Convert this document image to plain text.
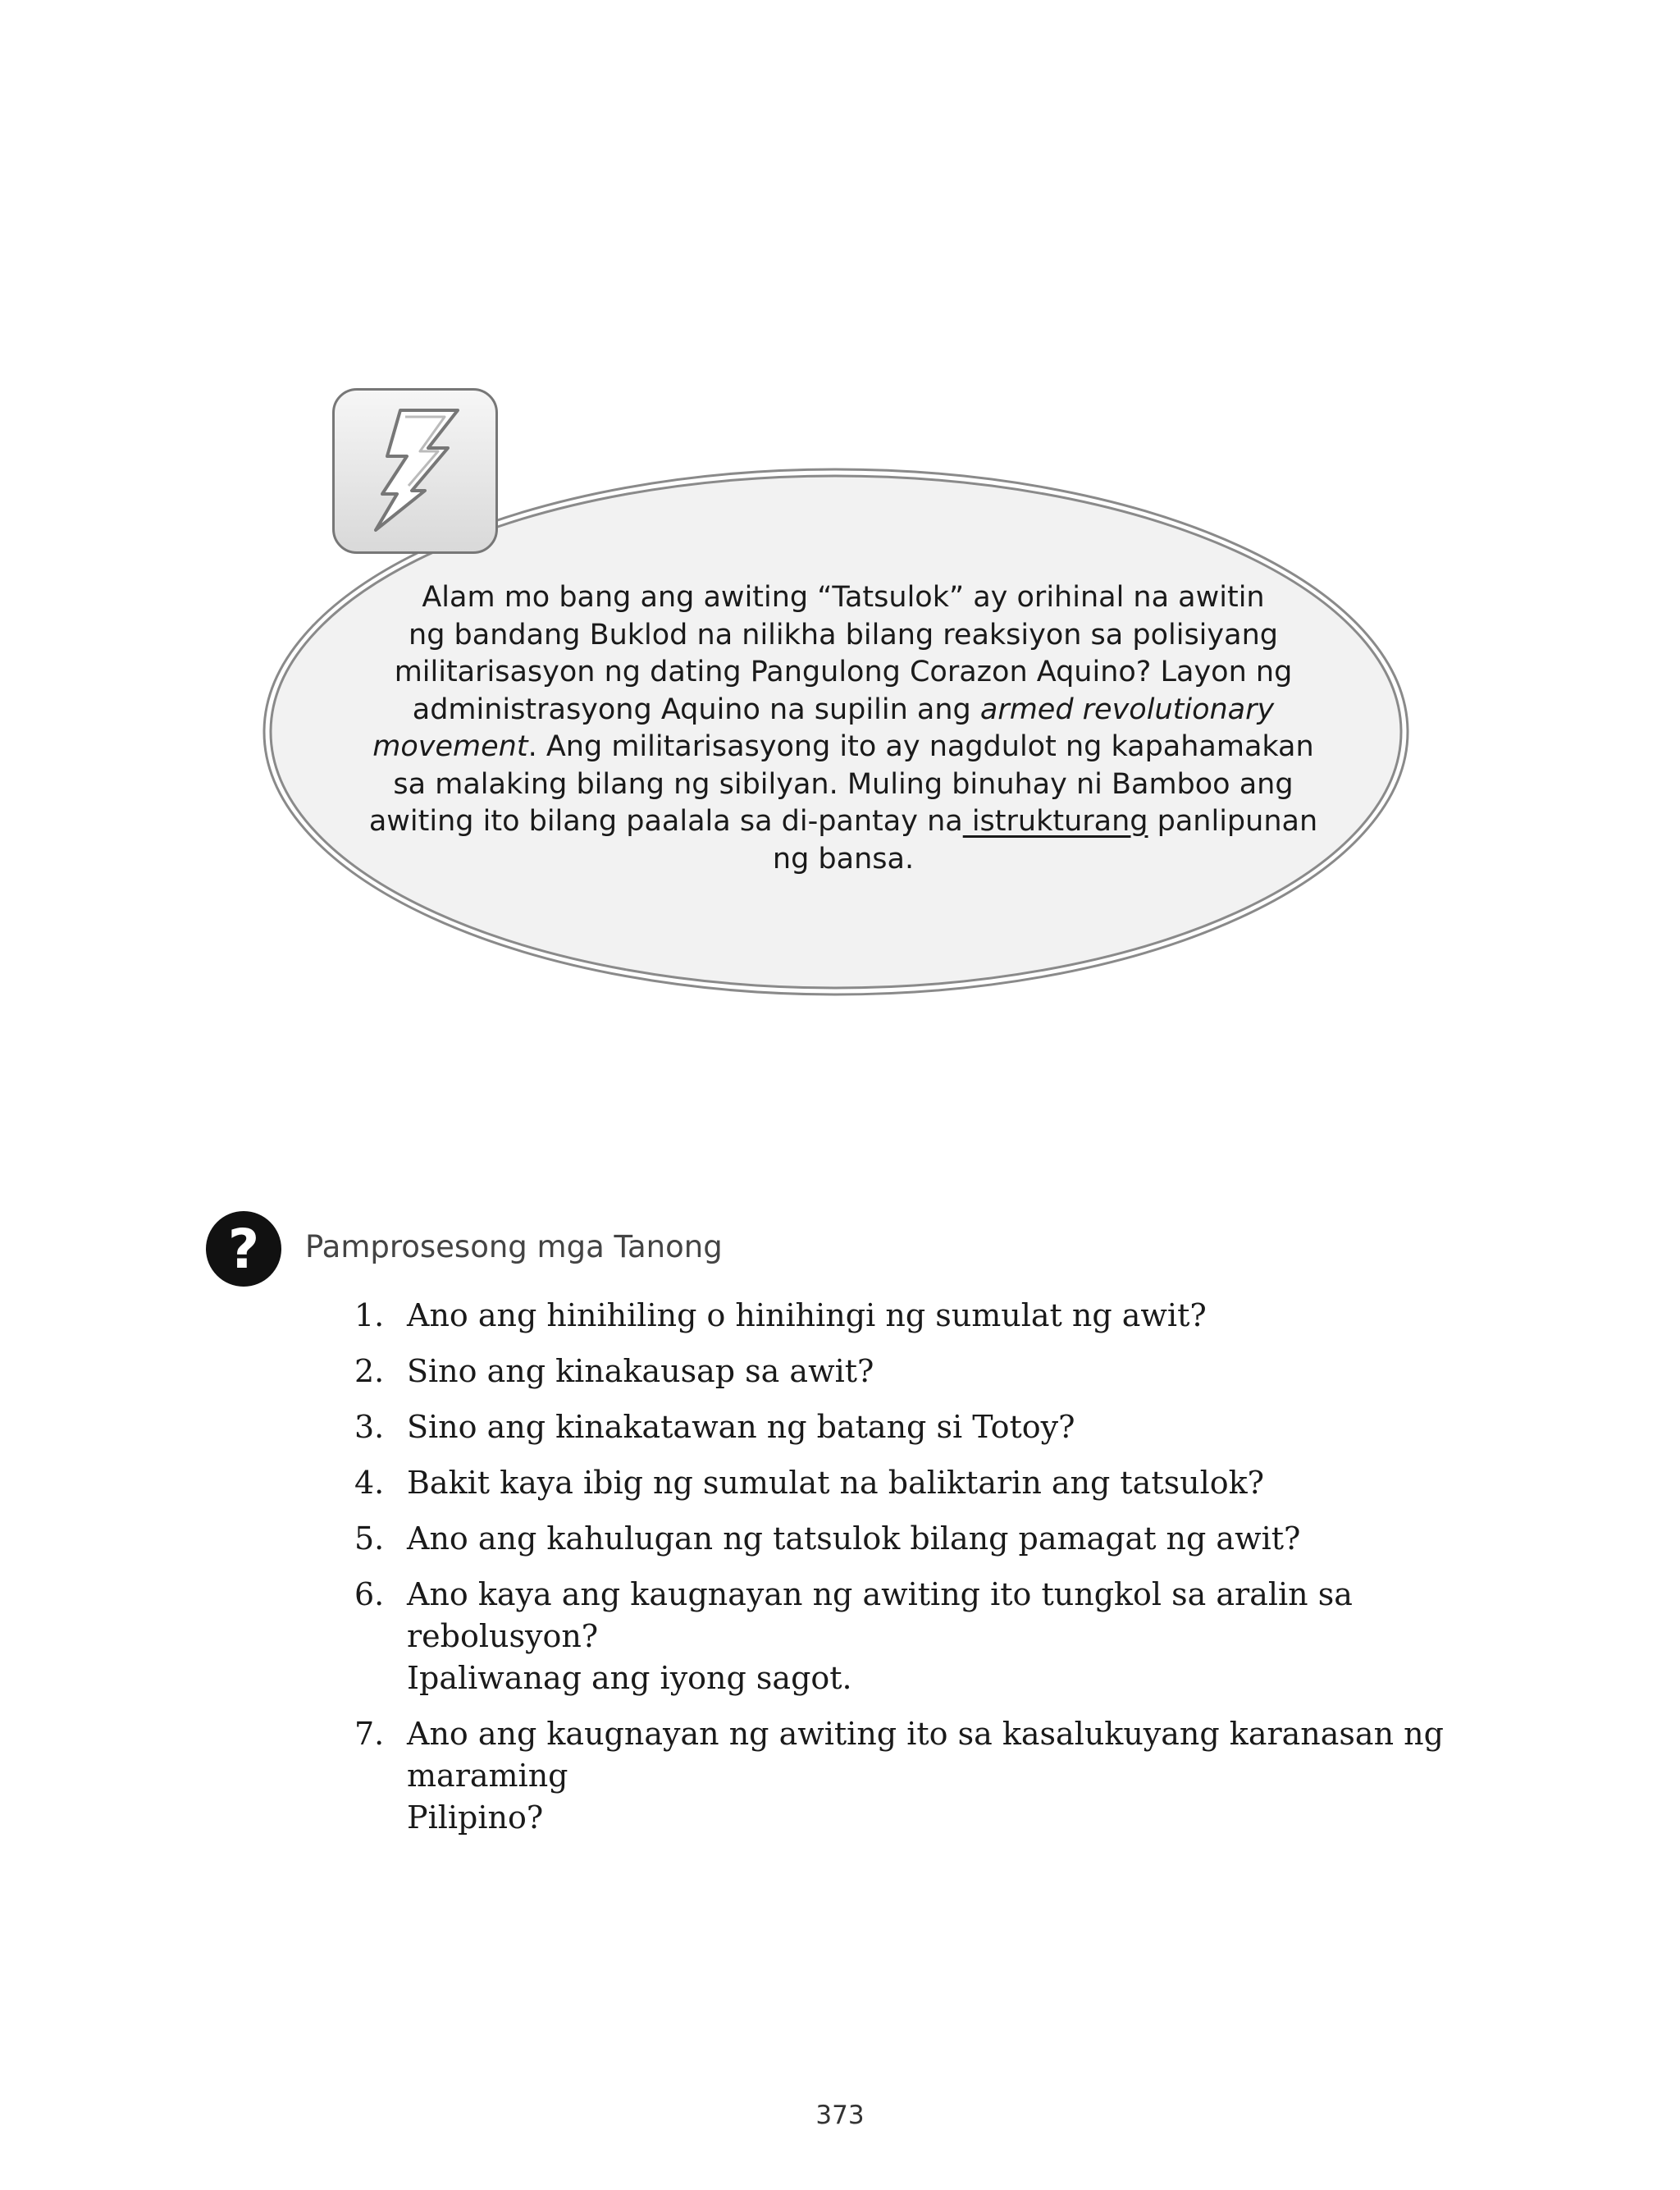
Alam mo bang ang awiting “Tatsulok” ay orihinal na awitin
ng bandang Buklod na nilikha bilang reaksiyon sa polisiyang
militarisasyon ng dating Pangulong Corazon Aquino? Layon ng
administrasyong Aquino na supilin ang armed revolutionary
movement. Ang militarisasyong ito ay nagdulot ng kapahamakan
sa malaking bilang ng sibilyan. Muling binuhay ni Bamboo ang
awiting ito bilang paalala sa di-pantay na istrukturang panlipunan
ng bansa.
? Pamprosesong mga Tanong
1. Ano ang hinihiling o hinihingi ng sumulat ng awit?
2. Sino ang kinakausap sa awit?
3. Sino ang kinakatawan ng batang si Totoy?
4. Bakit kaya ibig ng sumulat na baliktarin ang tatsulok?
5. Ano ang kahulugan ng tatsulok bilang pamagat ng awit?
6. Ano kaya ang kaugnayan ng awiting ito tungkol sa aralin sa rebolusyon?
Ipaliwanag ang iyong sagot.
7. Ano ang kaugnayan ng awiting ito sa kasalukuyang karanasan ng maraming
Pilipino?
373
